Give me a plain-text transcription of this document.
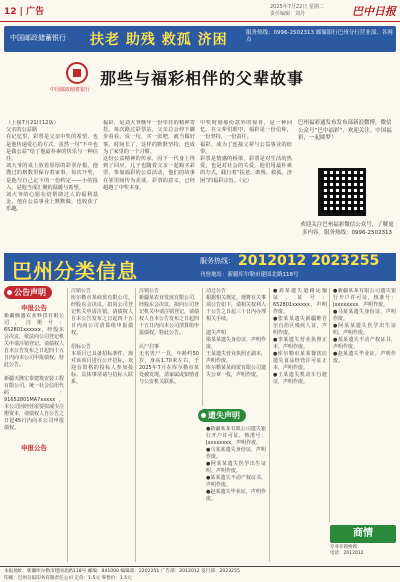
12 | 广告	2025年7月22日 星期二
责任编辑：刘丹	巴中日报
中国邮政储蓄银行 扶老 助残 救孤 济困	服务热线：0996-2502313 邮储银行巴州分行营业部、各网点
中国邮政储蓄银行
那些与福彩相伴的父辈故事
（上接7月21日12版）
父亲的公益路
在记忆里，彩票是父亲中奖的希望，也是他传递爱心的方式。虽然一句“不中也是做公益”给了他最朴素的快乐与一种信任。
刘大爷的桌上放着厚厚的彩票存根，他搜过的格数里保存着家事，每次开奖，是他与自己定下的一份约定——小的投入，是他当成汇聚的温暖与希望。
刘大爷的心愿在给帮助过人的福利基金。他在公益事业上默默做，也收获了乐趣。
福彩，是刘大爷晚年一份牵挂的精神寄托。每次路过彩票站，父亲总会停下脚步看看，说一句，买一张吧，就当做好事。时间长了，这样的默默坚持，也成为了家里的一个习惯。
这份公益精神的传承，因下一代身上得到了回应。儿子也随着父亲一起购买彩票，参加福彩的公益活动，他们的故事在邻里间传为美谈，彩票的意义，已经超越了中奖本身。
中奖时刻那份意外的惊喜，是一种回忆。在父辈们眼中，福彩是一份信仰，一份坚持，一份责任。
福彩，成为了连接父辈与公益事业的纽带。
彩票是情感的桥梁，彩票是对生活的热爱，也是对社会的关爱。他们用最朴素的方式，践行着“扶老、助残、救孤、济困”的福彩宗旨。（完）
巴州福彩通发布发布部新浪微博，微信公众号“巴中福彩”，欢迎关注。中国福彩，一起圆梦！
欢迎关注巴州福彩微信公众号，了解更多内容。服务热线：0996-2502313
巴州分类信息	服务热线： 2012012 2023255
刊登地址：新疆库尔勒市建国北路118号
公告声明
申报公告
申报公告
遗失声明
新疆腾盛农业科技有限公司，注册号：652801xxxxxx，经股东会决议，依法向公司登记机关申请注销登记。请债权人自本公告发布之日起四十五日内向本公司申报债权。特此公告。

新疆天隆宏泰建筑安装工程有限公司，统一社会信用代码：91652801MA7xxxxx，本公司因经营需要拟减少注册资本，请债权人自公告之日起45日内向本公司申报债权。
注销公告
库尔勒市某商贸有限公司，经股东会决议，拟向公司登记机关申请注销，请债权人自本公告发布之日起四十五日内向公司清算组申报债权。

招标公告
本项目已具备招标条件，现对该项目进行公开招标，欢迎有资格的投标人参加投标，具体事项请与招标人联系。
注销公告
新疆某农业发展有限公司，经股东会决议，拟向公司登记机关申请注销登记，请债权人自本公告发布之日起四十五日内向本公司清算组申报债权。特此公告。

认尸启事
无名男尸一具，年龄约50岁，身高1.70米左右，于2025年7月在库尔勒市某处被发现，请家属或知情者与公安机关联系。
动迁公告
根据相关规定，现将有关事项公告如下，请相关权利人于公告之日起三十日内办理相关手续。

遗失声明
梁某某遗失身份证，声明作废。
王某遗失营业执照正副本，声明作废。
库尔勒某某商贸有限公司遗失公章一枚，声明作废。
●新疆某某有限公司遗失银行开户许可证，核准号：Jxxxxxxxx，声明作废。
●马某某遗失身份证，声明作废。
●阿某某遗失医学出生证明，声明作废。
●某某遗失不动产权证书，声明作废。
●赵某遗失毕业证，声明作废。
●刘某遗失道路运输证，证号：652801xxxxxx，声明作废。
●张某某遗失新疆维吾尔自治区残疾人证，声明作废。
●李某遗失营业执照正本，声明作废。
●库尔勒市某某餐饮店遗失食品经营许可证正本，声明作废。
●王某遗失机动车行驶证，声明作废。
●新疆某某有限公司遗失银行开户许可证，核准号：Jxxxxxxxx，声明作废。
●马某某遗失身份证，声明作废。
●阿某某遗失医学出生证明，声明作废。
●某某遗失不动产权证书，声明作废。
●赵某遗失毕业证，声明作废。
商情
专业开锁换锁
电话：2012012
本报地址：新疆库尔勒市建国北路118号 邮编：841000 编辑部：2202251 广告部：2012012 发行部：2023255
印刷：巴州日报印务有限责任公司 定价：1.5元 零售价：1.5元
